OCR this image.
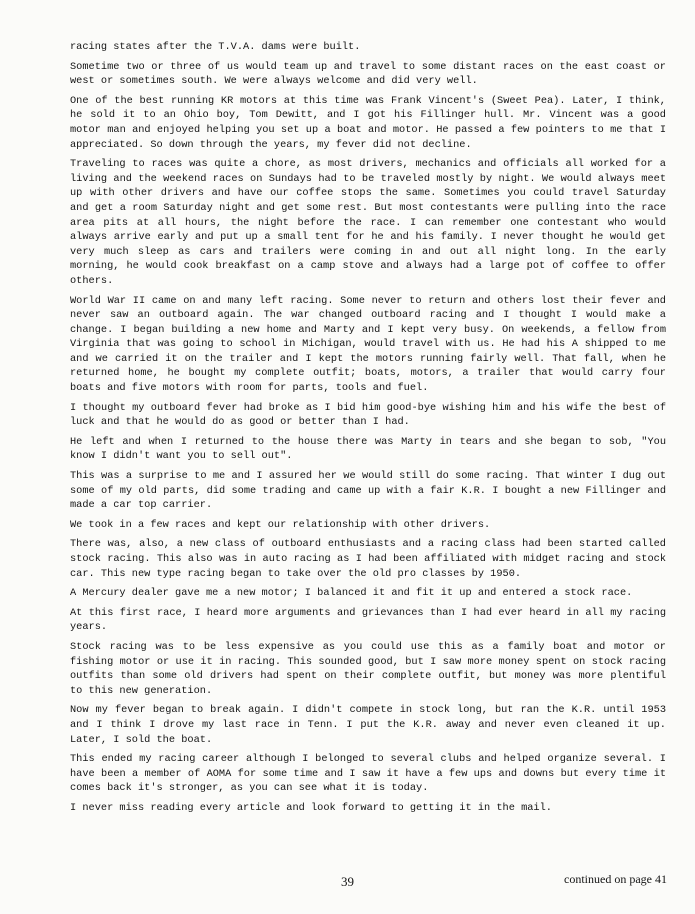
racing states after the T.V.A. dams were built.

Sometime two or three of us would team up and travel to some distant races on the east coast or west or sometimes south. We were always welcome and did very well.

One of the best running KR motors at this time was Frank Vincent's (Sweet Pea). Later, I think, he sold it to an Ohio boy, Tom Dewitt, and I got his Fillinger hull. Mr. Vincent was a good motor man and enjoyed helping you set up a boat and motor. He passed a few pointers to me that I appreciated. So down through the years, my fever did not decline.

Traveling to races was quite a chore, as most drivers, mechanics and officials all worked for a living and the weekend races on Sundays had to be traveled mostly by night. We would always meet up with other drivers and have our coffee stops the same. Sometimes you could travel Saturday and get a room Saturday night and get some rest. But most contestants were pulling into the race area pits at all hours, the night before the race. I can remember one contestant who would always arrive early and put up a small tent for he and his family. I never thought he would get very much sleep as cars and trailers were coming in and out all night long. In the early morning, he would cook breakfast on a camp stove and always had a large pot of coffee to offer others.

World War II came on and many left racing. Some never to return and others lost their fever and never saw an outboard again. The war changed outboard racing and I thought I would make a change. I began building a new home and Marty and I kept very busy. On weekends, a fellow from Virginia that was going to school in Michigan, would travel with us. He had his A shipped to me and we carried it on the trailer and I kept the motors running fairly well. That fall, when he returned home, he bought my complete outfit; boats, motors, a trailer that would carry four boats and five motors with room for parts, tools and fuel.

I thought my outboard fever had broke as I bid him good-bye wishing him and his wife the best of luck and that he would do as good or better than I had.

He left and when I returned to the house there was Marty in tears and she began to sob, "You know I didn't want you to sell out".

This was a surprise to me and I assured her we would still do some racing. That winter I dug out some of my old parts, did some trading and came up with a fair K.R. I bought a new Fillinger and made a car top carrier.

We took in a few races and kept our relationship with other drivers.

There was, also, a new class of outboard enthusiasts and a racing class had been started called stock racing. This also was in auto racing as I had been affiliated with midget racing and stock car. This new type racing began to take over the old pro classes by 1950.

A Mercury dealer gave me a new motor; I balanced it and fit it up and entered a stock race.

At this first race, I heard more arguments and grievances than I had ever heard in all my racing years.

Stock racing was to be less expensive as you could use this as a family boat and motor or fishing motor or use it in racing. This sounded good, but I saw more money spent on stock racing outfits than some old drivers had spent on their complete outfit, but money was more plentiful to this new generation.

Now my fever began to break again. I didn't compete in stock long, but ran the K.R. until 1953 and I think I drove my last race in Tenn. I put the K.R. away and never even cleaned it up. Later, I sold the boat.

This ended my racing career although I belonged to several clubs and helped organize several. I have been a member of AOMA for some time and I saw it have a few ups and downs but every time it comes back it's stronger, as you can see what it is today.

I never miss reading every article and look forward to getting it in the mail.

39	continued on page 41
